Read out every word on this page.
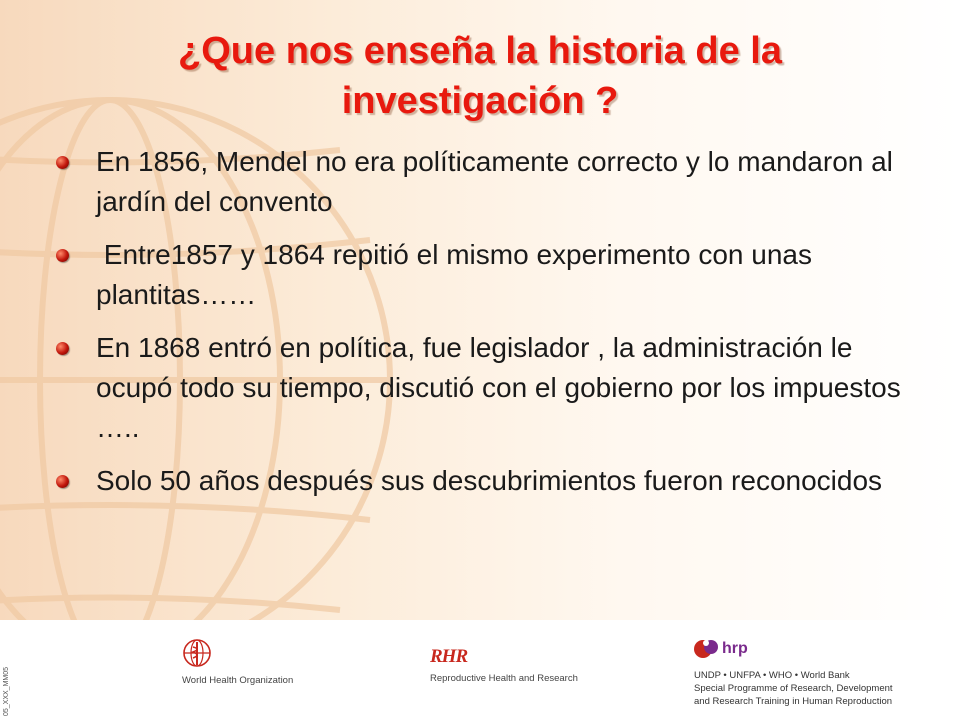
¿Que nos enseña la historia de la
investigación ?
En 1856, Mendel no era políticamente correcto y lo mandaron al jardín del convento
Entre1857 y 1864 repitió el mismo experimento con unas plantitas……
En 1868 entró en política, fue legislador , la administración le ocupó todo su tiempo, discutió con el gobierno por los impuestos …..
Solo 50 años después sus descubrimientos fueron reconocidos
05_XXX_MM05	World Health Organization
RHR
Reproductive Health and Research
hrp
UNDP • UNFPA • WHO • World Bank
Special Programme of Research, Development
and Research Training in Human Reproduction
